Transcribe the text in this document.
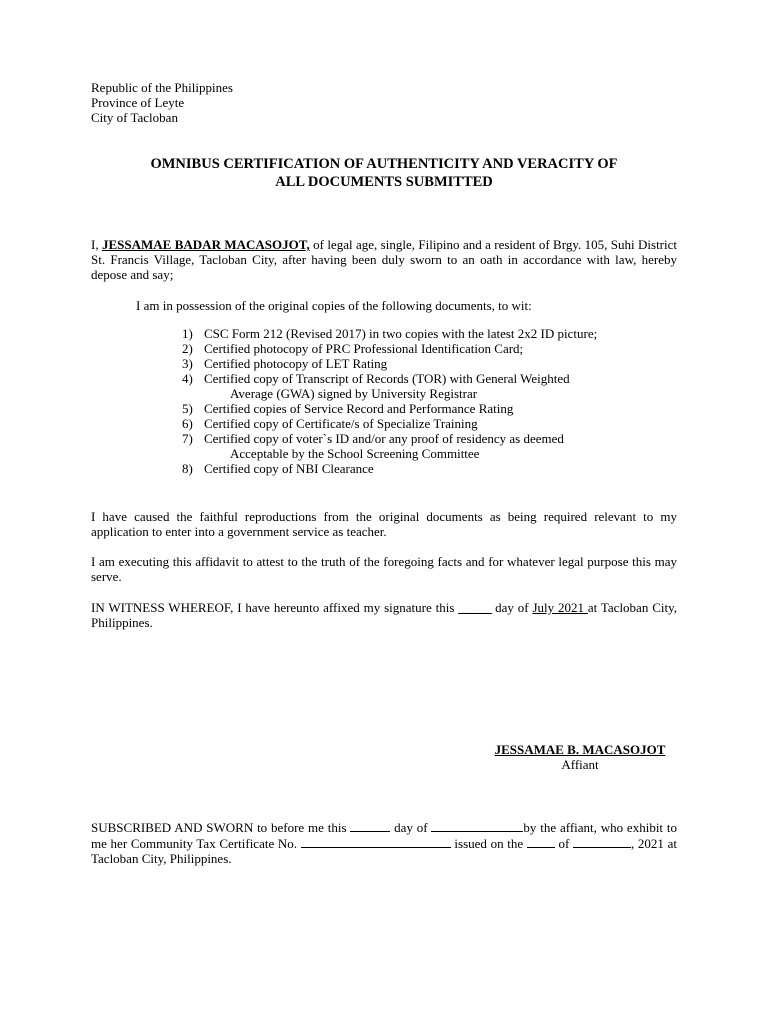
Republic of the Philippines
Province of Leyte
City of Tacloban
OMNIBUS CERTIFICATION OF AUTHENTICITY AND VERACITY OF
ALL DOCUMENTS SUBMITTED
I, JESSAMAE BADAR MACASOJOT, of legal age, single, Filipino and a resident of Brgy. 105, Suhi District St. Francis Village, Tacloban City, after having been duly sworn to an oath in accordance with law, hereby depose and say;
I am in possession of the original copies of the following documents, to wit:
1) CSC Form 212 (Revised 2017) in two copies with the latest 2x2 ID picture;
2) Certified photocopy of PRC Professional Identification Card;
3) Certified photocopy of LET Rating
4) Certified copy of Transcript of Records (TOR) with General Weighted
Average (GWA) signed by University Registrar
5) Certified copies of Service Record and Performance Rating
6) Certified copy of Certificate/s of Specialize Training
7) Certified copy of voter`s ID and/or any proof of residency as deemed
Acceptable by the School Screening Committee
8) Certified copy of NBI Clearance
I have caused the faithful reproductions from the original documents as being required relevant to my application to enter into a government service as teacher.
I am executing this affidavit to attest to the truth of the foregoing facts and for whatever legal purpose this may serve.
IN WITNESS WHEREOF, I have hereunto affixed my signature this ______ day of July 2021 at Tacloban City, Philippines.
JESSAMAE B. MACASOJOT
Affiant
SUBSCRIBED AND SWORN to before me this	day of	by the affiant, who exhibit to me her Community Tax Certificate No.	issued on the  of	, 2021 at Tacloban City, Philippines.
